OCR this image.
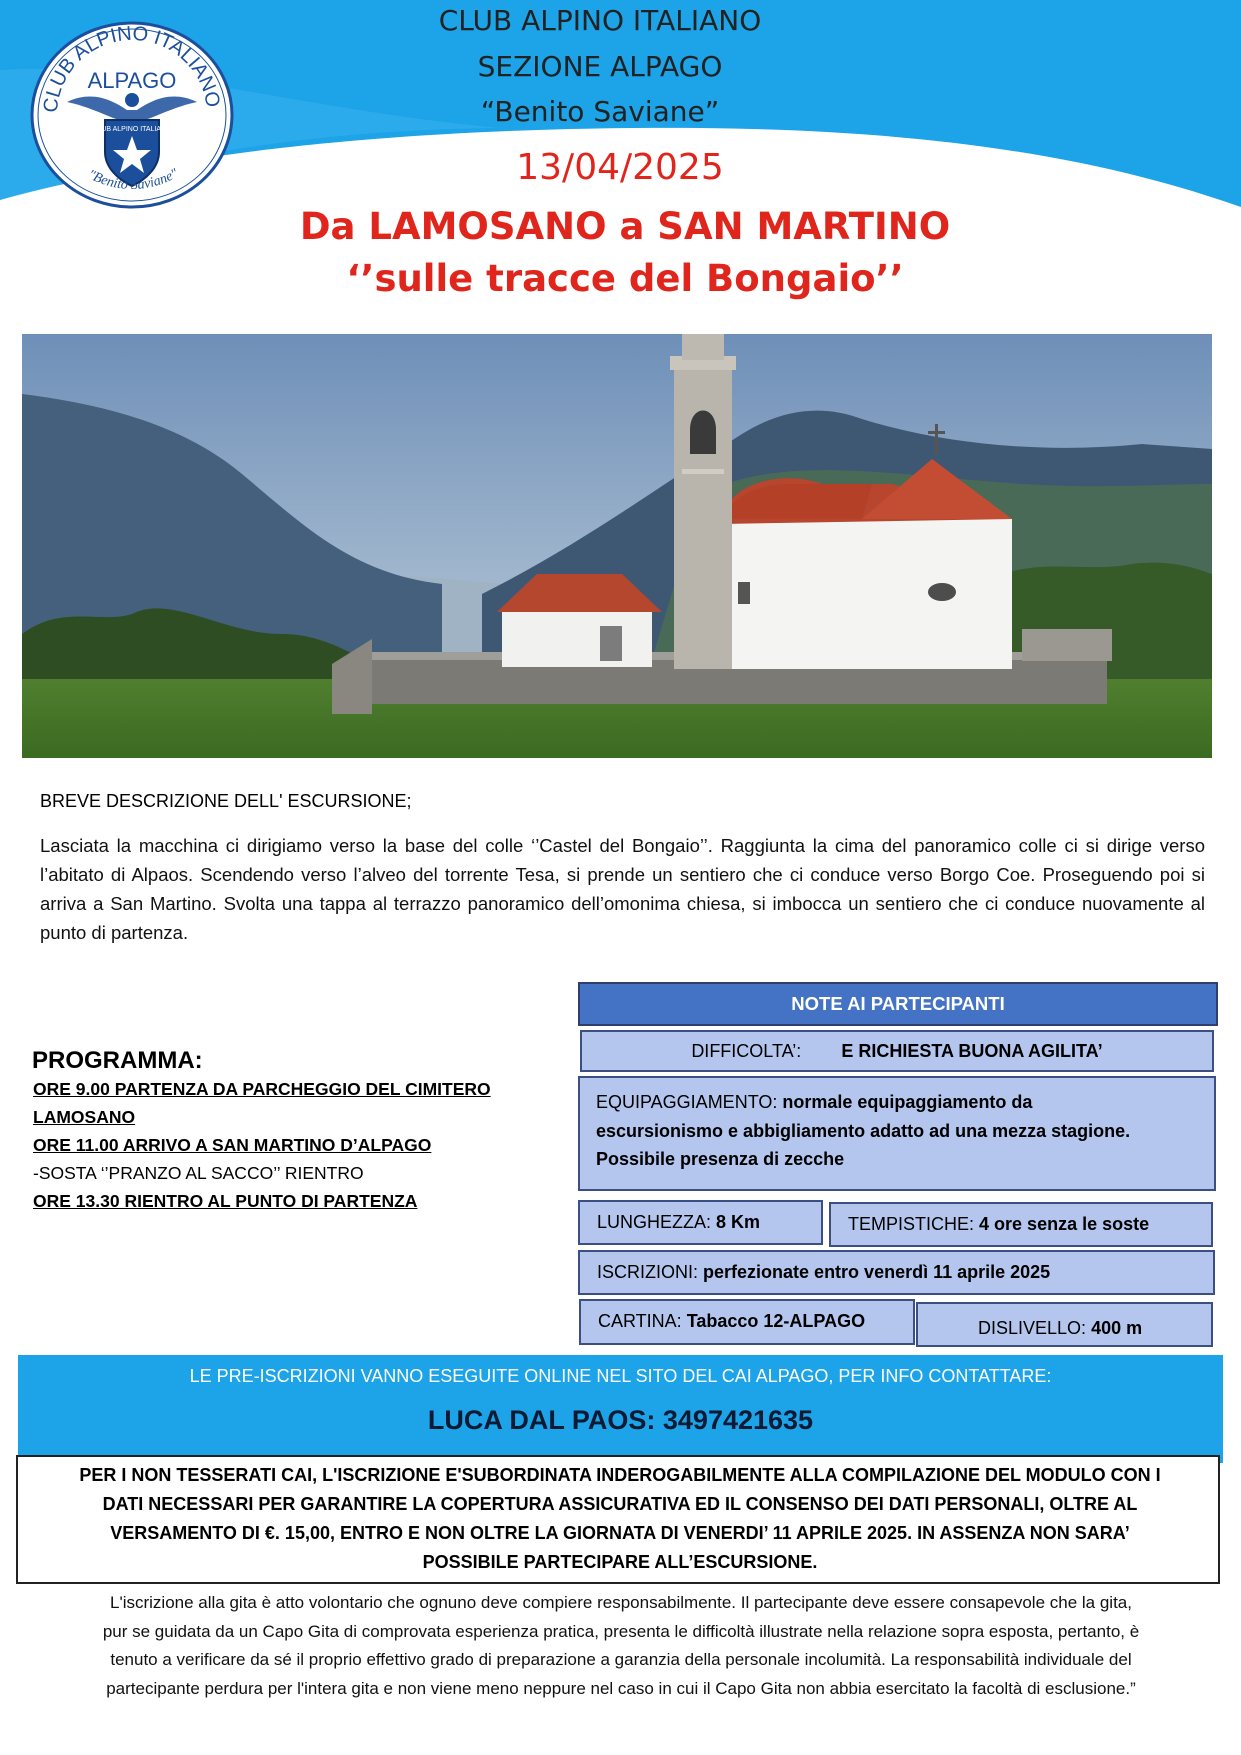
CLUB ALPINO ITALIANO
ALPAGO
CLUB ALPINO ITALIANO
"Benito Saviane"
CLUB ALPINO ITALIANO
SEZIONE ALPAGO
“Benito Saviane”
13/04/2025
Da LAMOSANO a SAN MARTINO
‘’sulle tracce del Bongaio’’
BREVE DESCRIZIONE DELL' ESCURSIONE;
Lasciata la macchina ci dirigiamo verso la base del colle ‘’Castel del Bongaio’’. Raggiunta la cima del panoramico colle ci si dirige verso l’abitato di Alpaos. Scendendo verso l’alveo del torrente Tesa, si prende un sentiero che ci conduce verso Borgo Coe. Proseguendo poi si arriva a San Martino. Svolta una tappa al terrazzo panoramico dell’omonima chiesa, si imbocca un sentiero che ci conduce nuovamente al punto di partenza.
PROGRAMMA:
ORE 9.00 PARTENZA DA PARCHEGGIO DEL CIMITERO
LAMOSANO
ORE 11.00 ARRIVO A SAN MARTINO D’ALPAGO
-SOSTA ‘’PRANZO AL SACCO’’ RIENTRO
ORE 13.30 RIENTRO AL PUNTO DI PARTENZA
NOTE AI PARTECIPANTI
DIFFICOLTA’: E RICHIESTA BUONA AGILITA’
EQUIPAGGIAMENTO: normale equipaggiamento da
escursionismo e abbigliamento adatto ad una mezza stagione.
Possibile presenza di zecche
LUNGHEZZA: 8 Km	TEMPISTICHE: 4 ore senza le soste
ISCRIZIONI: perfezionate entro venerdì 11 aprile 2025
CARTINA: Tabacco 12-ALPAGO	DISLIVELLO: 400 m
LE PRE-ISCRIZIONI VANNO ESEGUITE ONLINE NEL SITO DEL CAI ALPAGO, PER INFO CONTATTARE:
LUCA DAL PAOS: 3497421635
PER I NON TESSERATI CAI, L'ISCRIZIONE E'SUBORDINATA INDEROGABILMENTE ALLA COMPILAZIONE DEL MODULO CON I
DATI NECESSARI PER GARANTIRE LA COPERTURA ASSICURATIVA ED IL CONSENSO DEI DATI PERSONALI, OLTRE AL
VERSAMENTO DI €. 15,00, ENTRO E NON OLTRE LA GIORNATA DI VENERDI’ 11 APRILE 2025. IN ASSENZA NON SARA’
POSSIBILE PARTECIPARE ALL’ESCURSIONE.
L'iscrizione alla gita è atto volontario che ognuno deve compiere responsabilmente. Il partecipante deve essere consapevole che la gita,
pur se guidata da un Capo Gita di comprovata esperienza pratica, presenta le difficoltà illustrate nella relazione sopra esposta, pertanto, è
tenuto a verificare da sé il proprio effettivo grado di preparazione a garanzia della personale incolumità. La responsabilità individuale del
partecipante perdura per l'intera gita e non viene meno neppure nel caso in cui il Capo Gita non abbia esercitato la facoltà di esclusione.”
